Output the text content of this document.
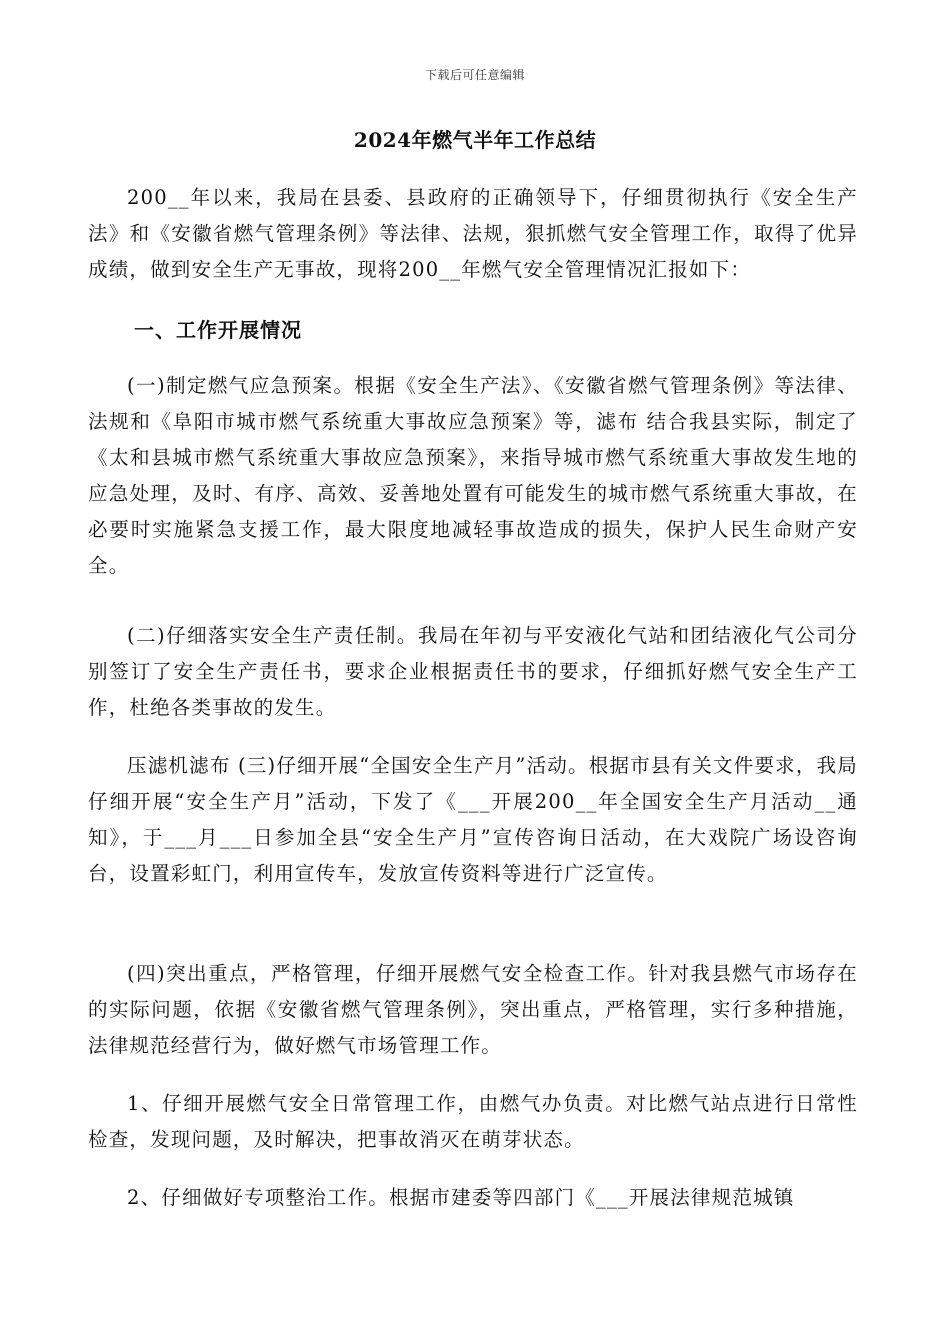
下载后可任意编辑
2024年燃气半年工作总结

200__年以来，我局在县委、县政府的正确领导下，仔细贯彻执行《安全生产法》和《安徽省燃气管理条例》等法律、法规，狠抓燃气安全管理工作，取得了优异成绩，做到安全生产无事故，现将200__年燃气安全管理情况汇报如下：

一、工作开展情况

(一)制定燃气应急预案。根据《安全生产法》、《安徽省燃气管理条例》等法律、法规和《阜阳市城市燃气系统重大事故应急预案》等，滤布 结合我县实际，制定了《太和县城市燃气系统重大事故应急预案》，来指导城市燃气系统重大事故发生地的应急处理，及时、有序、高效、妥善地处置有可能发生的城市燃气系统重大事故，在必要时实施紧急支援工作，最大限度地减轻事故造成的损失，保护人民生命财产安全。

(二)仔细落实安全生产责任制。我局在年初与平安液化气站和团结液化气公司分别签订了安全生产责任书，要求企业根据责任书的要求，仔细抓好燃气安全生产工作，杜绝各类事故的发生。

压滤机滤布 (三)仔细开展“全国安全生产月”活动。根据市县有关文件要求，我局仔细开展“安全生产月”活动，下发了《___开展200__年全国安全生产月活动__通知》，于___月___日参加全县“安全生产月”宣传咨询日活动，在大戏院广场设咨询台，设置彩虹门，利用宣传车，发放宣传资料等进行广泛宣传。

(四)突出重点，严格管理，仔细开展燃气安全检查工作。针对我县燃气市场存在的实际问题，依据《安徽省燃气管理条例》，突出重点，严格管理，实行多种措施，法律规范经营行为，做好燃气市场管理工作。

1、仔细开展燃气安全日常管理工作，由燃气办负责。对比燃气站点进行日常性检查，发现问题，及时解决，把事故消灭在萌芽状态。

2、仔细做好专项整治工作。根据市建委等四部门《___开展法律规范城镇
